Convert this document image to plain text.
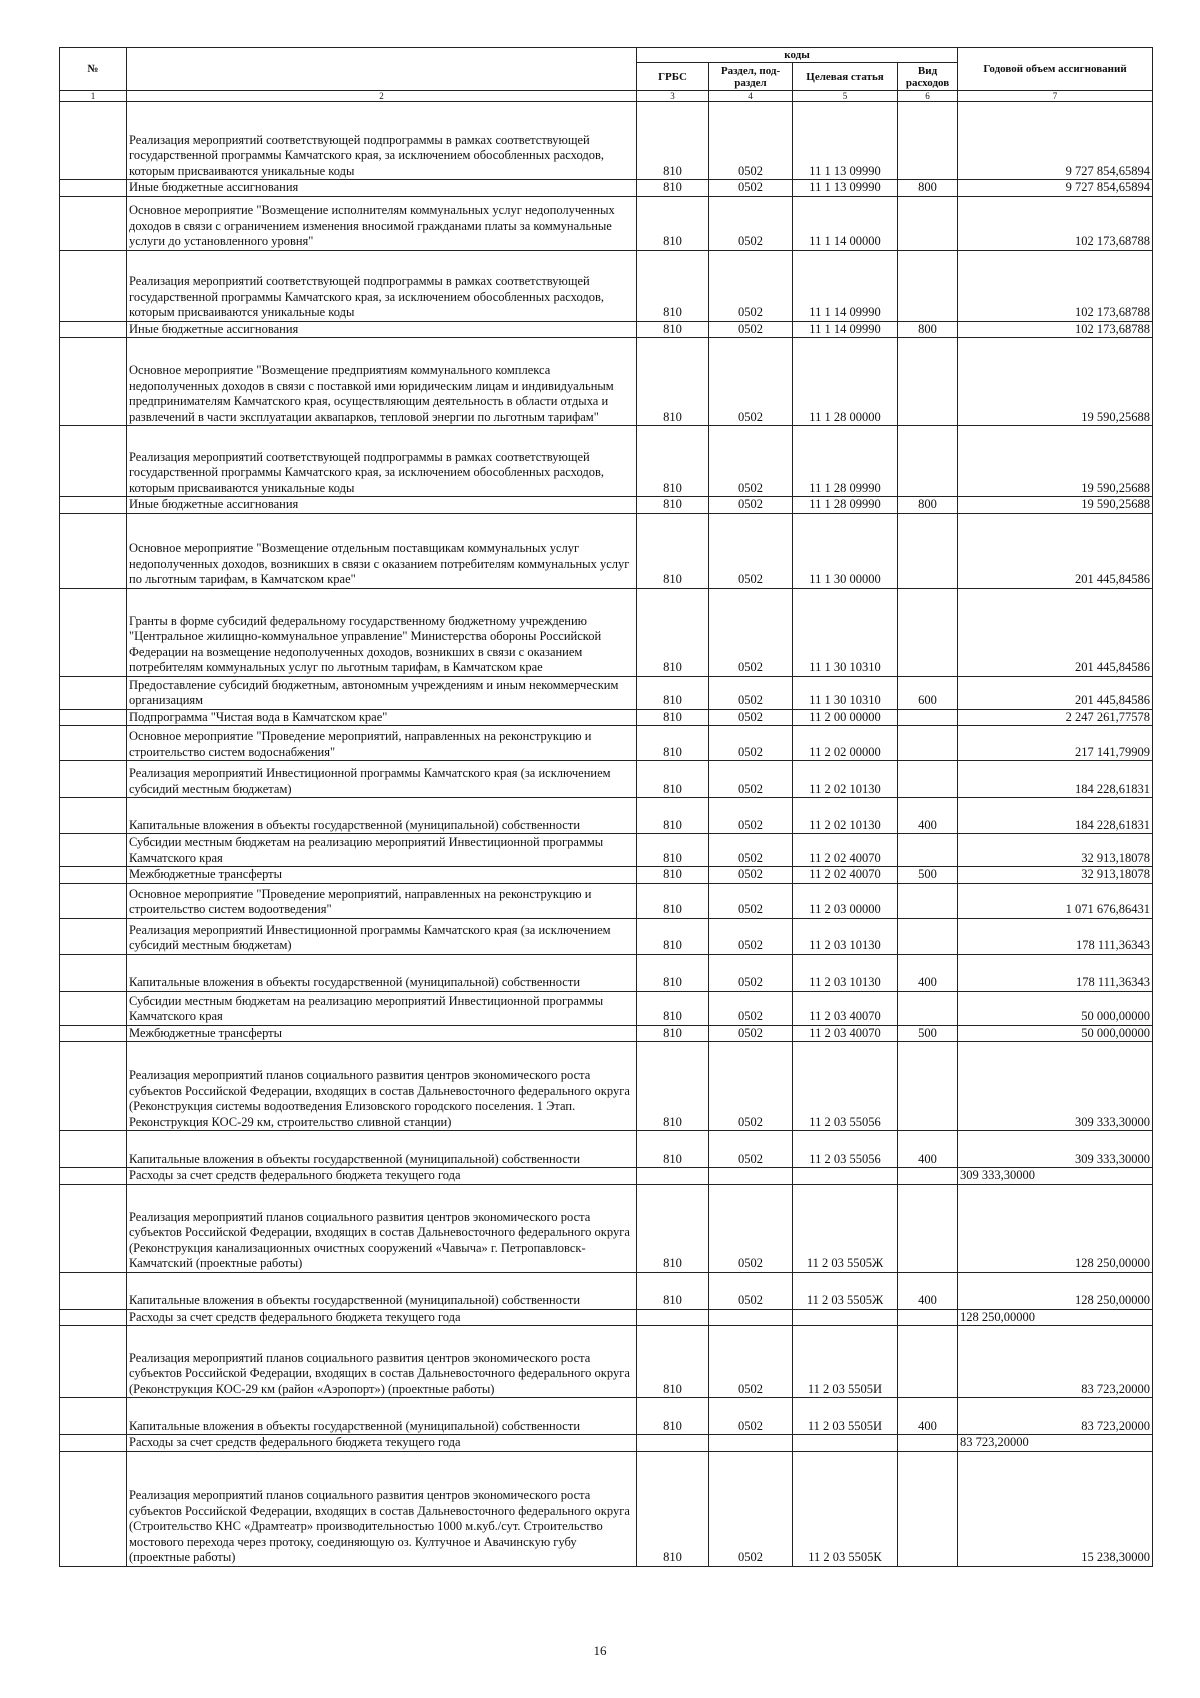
№		коды				Годовой объем ассигнований
		ГРБС	Раздел, под-раздел	Целевая статья	Вид расходов	
1	2	3	4	5	6	7
	Реализация мероприятий соответствующей подпрограммы в рамках соответствующей государственной программы Камчатского края, за исключением обособленных расходов, которым присваиваются уникальные коды	810	0502	11 1 13 09990		9 727 854,65894
	Иные бюджетные ассигнования	810	0502	11 1 13 09990	800	9 727 854,65894
	Основное мероприятие "Возмещение исполнителям коммунальных услуг недополученных доходов в связи с ограничением изменения вносимой гражданами платы за коммунальные услуги до установленного уровня"	810	0502	11 1 14 00000		102 173,68788
	Реализация мероприятий соответствующей подпрограммы в рамках соответствующей государственной программы Камчатского края, за исключением обособленных расходов, которым присваиваются уникальные коды	810	0502	11 1 14 09990		102 173,68788
	Иные бюджетные ассигнования	810	0502	11 1 14 09990	800	102 173,68788
	Основное мероприятие "Возмещение предприятиям коммунального комплекса недополученных доходов в связи с поставкой ими юридическим лицам и индивидуальным предпринимателям Камчатского края, осуществляющим деятельность в области отдыха и развлечений в части эксплуатации аквапарков, тепловой энергии по льготным тарифам"	810	0502	11 1 28 00000		19 590,25688
	Реализация мероприятий соответствующей подпрограммы в рамках соответствующей государственной программы Камчатского края, за исключением обособленных расходов, которым присваиваются уникальные коды	810	0502	11 1 28 09990		19 590,25688
	Иные бюджетные ассигнования	810	0502	11 1 28 09990	800	19 590,25688
	Основное мероприятие "Возмещение отдельным поставщикам коммунальных услуг недополученных доходов, возникших в связи с оказанием потребителям коммунальных услуг по льготным тарифам, в Камчатском крае"	810	0502	11 1 30 00000		201 445,84586
	Гранты в форме субсидий федеральному государственному бюджетному учреждению "Центральное жилищно-коммунальное управление" Министерства обороны Российской Федерации на возмещение недополученных доходов, возникших в связи с оказанием потребителям коммунальных услуг по льготным тарифам, в Камчатском крае	810	0502	11 1 30 10310		201 445,84586
	Предоставление субсидий бюджетным, автономным учреждениям и иным некоммерческим организациям	810	0502	11 1 30 10310	600	201 445,84586
	Подпрограмма "Чистая вода в Камчатском крае"	810	0502	11 2 00 00000		2 247 261,77578
	Основное мероприятие "Проведение мероприятий, направленных на реконструкцию и строительство систем водоснабжения"	810	0502	11 2 02 00000		217 141,79909
	Реализация мероприятий Инвестиционной программы Камчатского края (за исключением субсидий местным бюджетам)	810	0502	11 2 02 10130		184 228,61831
	Капитальные вложения в объекты государственной (муниципальной) собственности	810	0502	11 2 02 10130	400	184 228,61831
	Субсидии местным бюджетам на реализацию мероприятий Инвестиционной программы Камчатского края	810	0502	11 2 02 40070		32 913,18078
	Межбюджетные трансферты	810	0502	11 2 02 40070	500	32 913,18078
	Основное мероприятие "Проведение мероприятий, направленных на реконструкцию и строительство систем водоотведения"	810	0502	11 2 03 00000		1 071 676,86431
	Реализация мероприятий Инвестиционной программы Камчатского края (за исключением субсидий местным бюджетам)	810	0502	11 2 03 10130		178 111,36343
	Капитальные вложения в объекты государственной (муниципальной) собственности	810	0502	11 2 03 10130	400	178 111,36343
	Субсидии местным бюджетам на реализацию мероприятий Инвестиционной программы Камчатского края	810	0502	11 2 03 40070		50 000,00000
	Межбюджетные трансферты	810	0502	11 2 03 40070	500	50 000,00000
	Реализация мероприятий планов социального развития центров экономического роста субъектов Российской Федерации, входящих в состав Дальневосточного федерального округа (Реконструкция системы водоотведения Елизовского городского поселения. 1 Этап. Реконструкция КОС-29 км, строительство сливной станции)	810	0502	11 2 03 55056		309 333,30000
	Капитальные вложения в объекты государственной (муниципальной) собственности	810	0502	11 2 03 55056	400	309 333,30000
	Расходы за счет средств федерального бюджета текущего года					309 333,30000
	Реализация мероприятий планов социального развития центров экономического роста субъектов Российской Федерации, входящих в состав Дальневосточного федерального округа (Реконструкция канализационных очистных сооружений «Чавыча» г. Петропавловск-Камчатский (проектные работы)	810	0502	11 2 03 5505Ж		128 250,00000
	Капитальные вложения в объекты государственной (муниципальной) собственности	810	0502	11 2 03 5505Ж	400	128 250,00000
	Расходы за счет средств федерального бюджета текущего года					128 250,00000
	Реализация мероприятий планов социального развития центров экономического роста субъектов Российской Федерации, входящих в состав Дальневосточного федерального округа (Реконструкция КОС-29 км (район «Аэропорт») (проектные работы)	810	0502	11 2 03 5505И		83 723,20000
	Капитальные вложения в объекты государственной (муниципальной) собственности	810	0502	11 2 03 5505И	400	83 723,20000
	Расходы за счет средств федерального бюджета текущего года					83 723,20000
	Реализация мероприятий планов социального развития центров экономического роста субъектов Российской Федерации, входящих в состав Дальневосточного федерального округа (Строительство КНС «Драмтеатр» производительностью 1000 м.куб./сут. Строительство мостового перехода через протоку, соединяющую оз. Култучное и Авачинскую губу (проектные работы)	810	0502	11 2 03 5505К		15 238,30000
16
